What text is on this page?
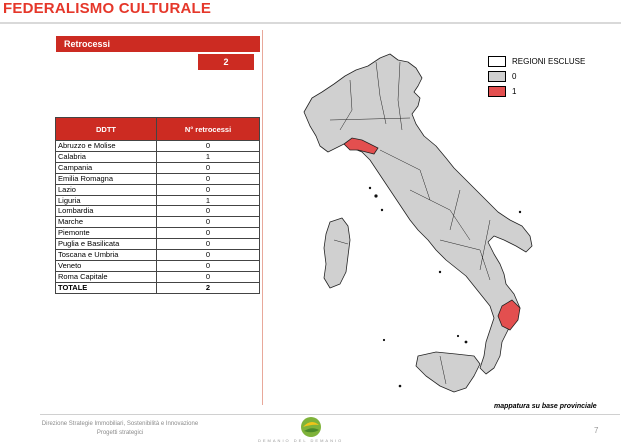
FEDERALISMO CULTURALE
Retrocessi
2
DDTT	N° retrocessi
Abruzzo e Molise	0
Calabria	1
Campania	0
Emilia Romagna	0
Lazio	0
Liguria	1
Lombardia	0
Marche	0
Piemonte	0
Puglia e Basilicata	0
Toscana e Umbria	0
Veneto	0
Roma Capitale	0
TOTALE	2
REGIONI ESCLUSE
0
1
mappatura su base provinciale
Direzione Strategie Immobiliari, Sostenibilità e Innovazione
Progetti strategici
DEMANIO DEL DEMANIO
7
